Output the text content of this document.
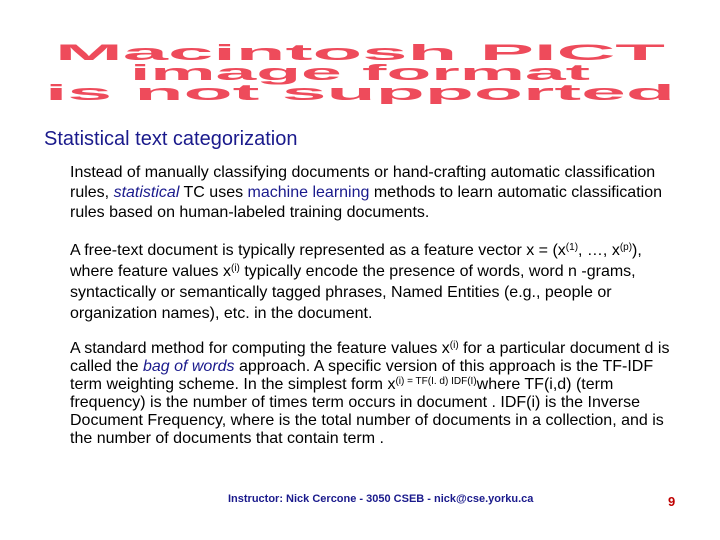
Macintosh PICT
image format
is not supported
Statistical text categorization
Instead of manually classifying documents or hand-crafting automatic classification rules, statistical TC uses machine learning methods to learn automatic classification rules based on human-labeled training documents.
A free-text document is typically represented as a feature vector $x = (x^{(1)}$, …, $x^{(p)}$), where feature values $x^{(i)}$ typically encode the presence of words, word n -grams, syntactically or semantically tagged phrases, Named Entities (e.g., people or organization names), etc. in the document.
A standard method for computing the feature values $x^{(i)}$ for a particular document d is called the bag of words approach. A specific version of this approach is the TF-IDF term weighting scheme. In the simplest form $x^{(i) = TF(I. d) IDF(I)}where$ TF(i,d) (term frequency) is the number of times term occurs in document . IDF(i) is the Inverse Document Frequency, where is the total number of documents in a collection, and is the number of documents that contain term .
Instructor: Nick Cercone - 3050 CSEB - nick@cse.yorku.ca	9
